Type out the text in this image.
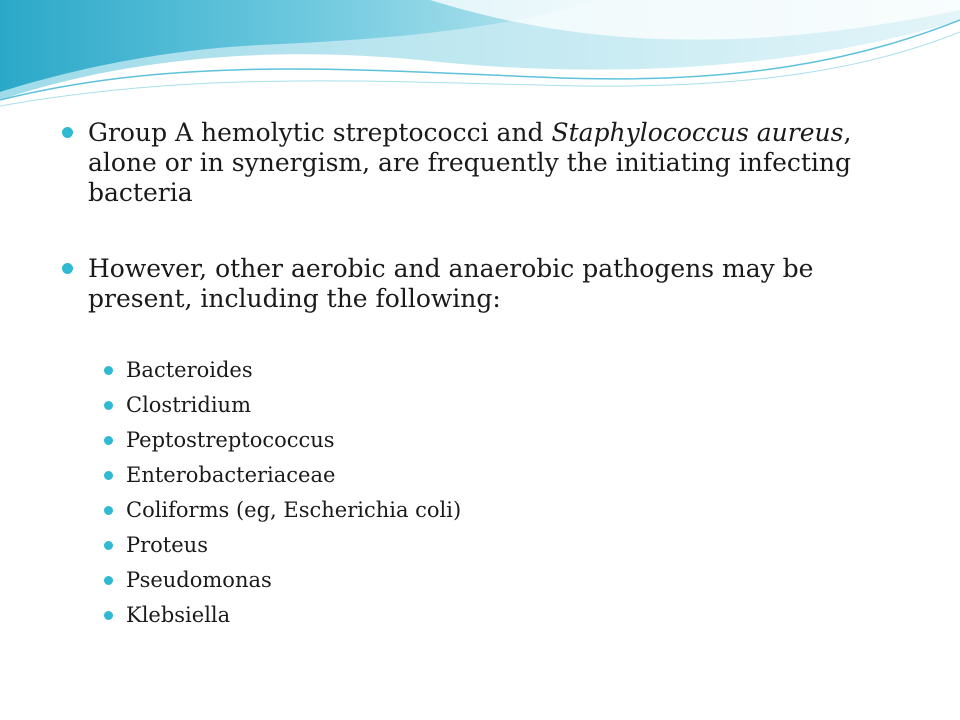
Group A hemolytic streptococci and Staphylococcus aureus, alone or in synergism, are frequently the initiating infecting bacteria
However, other aerobic and anaerobic pathogens may be present, including the following:
Bacteroides
Clostridium
Peptostreptococcus
Enterobacteriaceae
Coliforms (eg, Escherichia coli)
Proteus
Pseudomonas
Klebsiella
